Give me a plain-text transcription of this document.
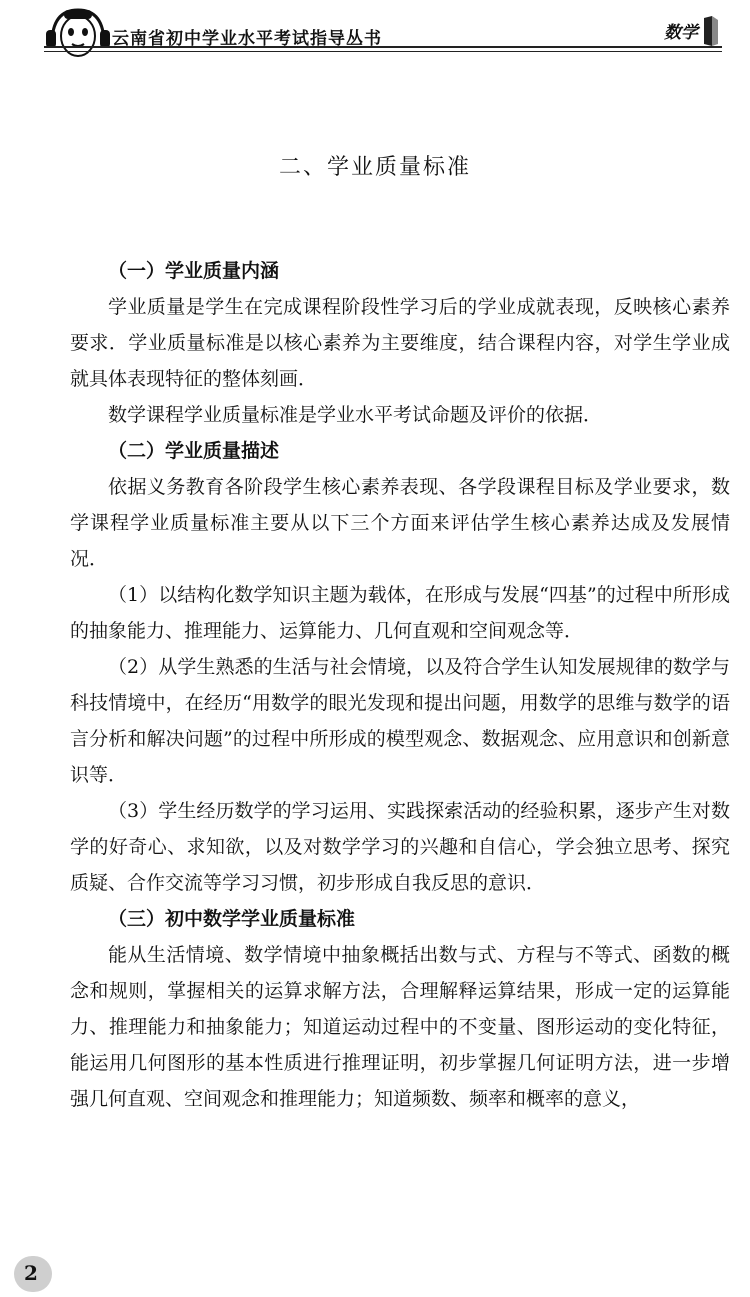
云南省初中学业水平考试指导丛书	数学
二、学业质量标准

（一）学业质量内涵

学业质量是学生在完成课程阶段性学习后的学业成就表现，反映核心素养要求．学业质量标准是以核心素养为主要维度，结合课程内容，对学生学业成就具体表现特征的整体刻画．

数学课程学业质量标准是学业水平考试命题及评价的依据．

（二）学业质量描述

依据义务教育各阶段学生核心素养表现、各学段课程目标及学业要求，数学课程学业质量标准主要从以下三个方面来评估学生核心素养达成及发展情况．

（1）以结构化数学知识主题为载体，在形成与发展“四基”的过程中所形成的抽象能力、推理能力、运算能力、几何直观和空间观念等．

（2）从学生熟悉的生活与社会情境，以及符合学生认知发展规律的数学与科技情境中，在经历“用数学的眼光发现和提出问题，用数学的思维与数学的语言分析和解决问题”的过程中所形成的模型观念、数据观念、应用意识和创新意识等．

（3）学生经历数学的学习运用、实践探索活动的经验积累，逐步产生对数学的好奇心、求知欲，以及对数学学习的兴趣和自信心，学会独立思考、探究质疑、合作交流等学习习惯，初步形成自我反思的意识．

（三）初中数学学业质量标准

能从生活情境、数学情境中抽象概括出数与式、方程与不等式、函数的概念和规则，掌握相关的运算求解方法，合理解释运算结果，形成一定的运算能力、推理能力和抽象能力；知道运动过程中的不变量、图形运动的变化特征，能运用几何图形的基本性质进行推理证明，初步掌握几何证明方法，进一步增强几何直观、空间观念和推理能力；知道频数、频率和概率的意义，

2
